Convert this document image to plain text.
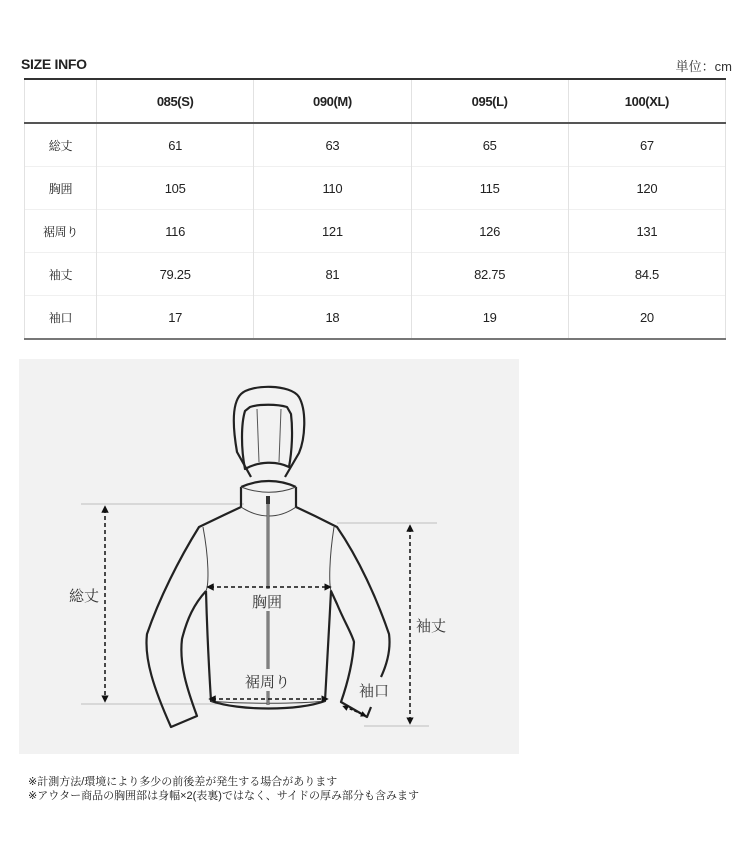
SIZE INFO	単位：cm
	085(S)	090(M)	095(L)	100(XL)
総丈	61	63	65	67
胸囲	105	110	115	120
裾周り	116	121	126	131
袖丈	79.25	81	82.75	84.5
袖口	17	18	19	20
総丈	胸囲
裾周り
袖丈
袖口
※計測方法/環境により多少の前後差が発生する場合があります
※アウター商品の胸囲部は身幅×2(表裏)ではなく、サイドの厚み部分も含みます
